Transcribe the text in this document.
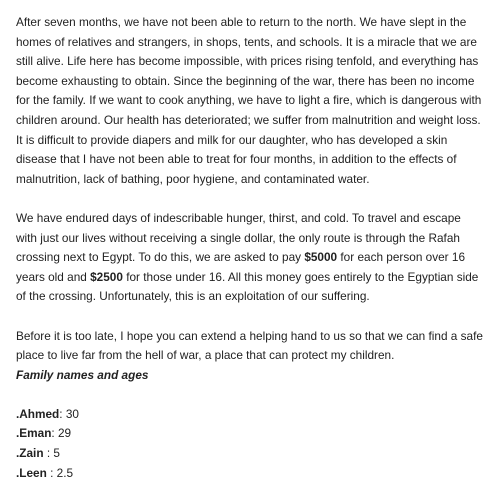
After seven months, we have not been able to return to the north. We have slept in the homes of relatives and strangers, in shops, tents, and schools. It is a miracle that we are still alive. Life here has become impossible, with prices rising tenfold, and everything has become exhausting to obtain. Since the beginning of the war, there has been no income for the family. If we want to cook anything, we have to light a fire, which is dangerous with children around. Our health has deteriorated; we suffer from malnutrition and weight loss. It is difficult to provide diapers and milk for our daughter, who has developed a skin disease that I have not been able to treat for four months, in addition to the effects of malnutrition, lack of bathing, poor hygiene, and contaminated water.

We have endured days of indescribable hunger, thirst, and cold. To travel and escape with just our lives without receiving a single dollar, the only route is through the Rafah crossing next to Egypt. To do this, we are asked to pay $5000 for each person over 16 years old and $2500 for those under 16. All this money goes entirely to the Egyptian side of the crossing. Unfortunately, this is an exploitation of our suffering.

Before it is too late, I hope you can extend a helping hand to us so that we can find a safe place to live far from the hell of war, a place that can protect my children.

Family names and ages

.Ahmed: 30

.Eman: 29

.Zain : 5

.Leen : 2.5
